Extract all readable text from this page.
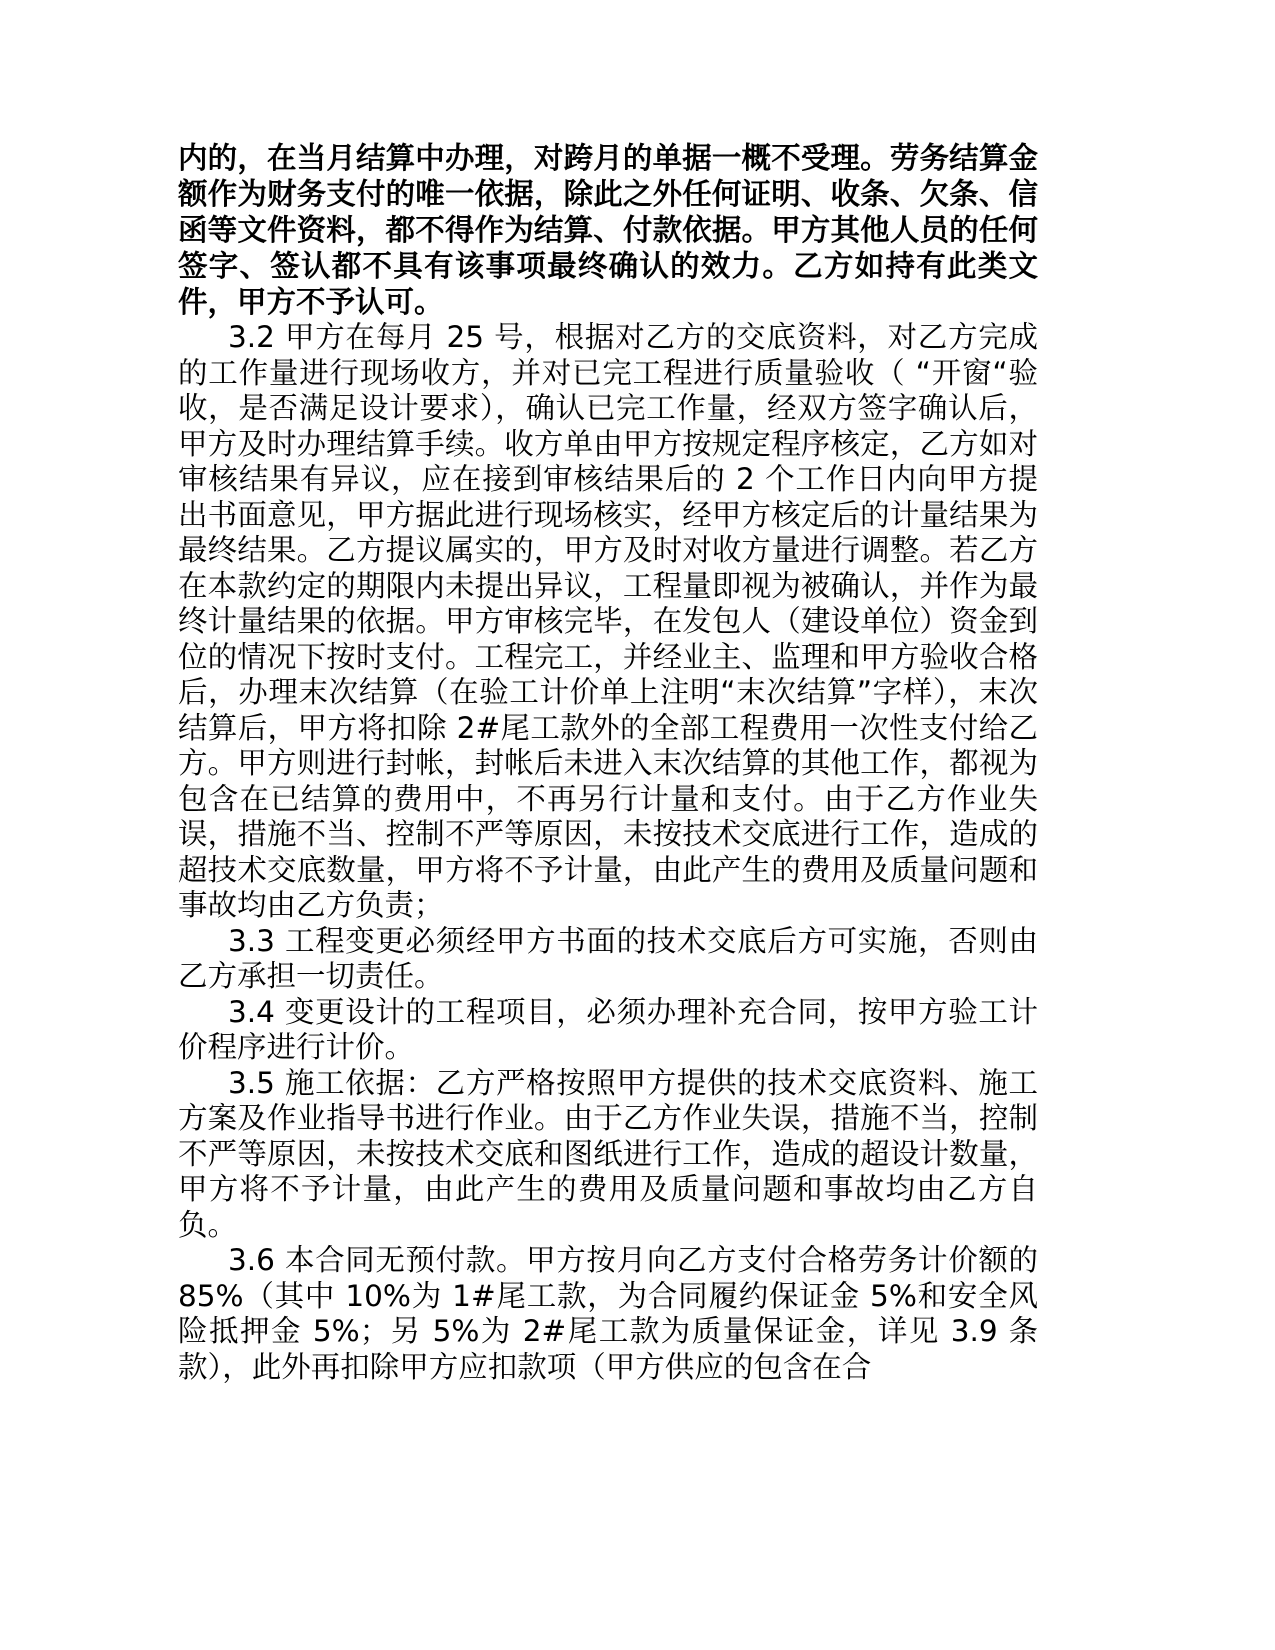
内的，在当月结算中办理，对跨月的单据一概不受理。劳务结算金额作为财务支付的唯一依据，除此之外任何证明、收条、欠条、信函等文件资料，都不得作为结算、付款依据。甲方其他人员的任何签字、签认都不具有该事项最终确认的效力。乙方如持有此类文件，甲方不予认可。

3.2 甲方在每月 25 号，根据对乙方的交底资料，对乙方完成的工作量进行现场收方，并对已完工程进行质量验收（ “开窗“验收，是否满足设计要求），确认已完工作量，经双方签字确认后，甲方及时办理结算手续。收方单由甲方按规定程序核定，乙方如对审核结果有异议，应在接到审核结果后的 2 个工作日内向甲方提出书面意见，甲方据此进行现场核实，经甲方核定后的计量结果为最终结果。乙方提议属实的，甲方及时对收方量进行调整。若乙方在本款约定的期限内未提出异议，工程量即视为被确认，并作为最终计量结果的依据。甲方审核完毕，在发包人（建设单位）资金到位的情况下按时支付。工程完工，并经业主、监理和甲方验收合格后，办理末次结算（在验工计价单上注明“末次结算”字样），末次结算后，甲方将扣除 2#尾工款外的全部工程费用一次性支付给乙方。甲方则进行封帐，封帐后未进入末次结算的其他工作，都视为包含在已结算的费用中，不再另行计量和支付。由于乙方作业失误，措施不当、控制不严等原因，未按技术交底进行工作，造成的超技术交底数量，甲方将不予计量，由此产生的费用及质量问题和事故均由乙方负责；

3.3 工程变更必须经甲方书面的技术交底后方可实施，否则由乙方承担一切责任。

3.4 变更设计的工程项目，必须办理补充合同，按甲方验工计价程序进行计价。

3.5 施工依据：乙方严格按照甲方提供的技术交底资料、施工方案及作业指导书进行作业。由于乙方作业失误，措施不当，控制不严等原因，未按技术交底和图纸进行工作，造成的超设计数量，甲方将不予计量，由此产生的费用及质量问题和事故均由乙方自负。

3.6 本合同无预付款。甲方按月向乙方支付合格劳务计价额的 85%（其中 10%为 1#尾工款，为合同履约保证金 5%和安全风险抵押金 5%；另 5%为 2#尾工款为质量保证金，详见 3.9 条款），此外再扣除甲方应扣款项（甲方供应的包含在合
